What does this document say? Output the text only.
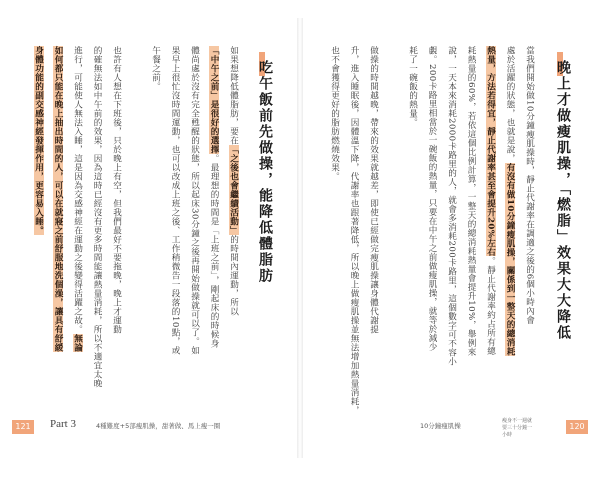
吃午飯前先做操，能降低體脂肪
如果想降低體脂肪，要在「之後也會繼續活動」的時間內運動，所以
「中午之前」是很好的選擇。最理想的時間是「上班之前」，剛起床的時候身
體尚處於沒有完全甦醒的狀態，所以起床30分鐘之後再開始做操就可以了。如
果早上很忙沒時間運動，也可以改成上班之後、工作稍微告一段落的10點，或
午餐之前。
也許有人想在下班後，只於晚上有空，但我們最好不要拖晚，晚上才運動
的確無法如中午前的效果，因為這時已經沒有更多時間能讓熱量消耗，所以不適宜太晚
進行，可能使人無法入睡，這是因為交感神經在運動之後變得活躍之故。無論
如何都只能在晚上抽出時間的人，可以在就寢之前舒服地洗個澡，讓具有舒緩
身體功能的副交感神經發揮作用，更容易入睡。
121	Part 3	4種難度+5部瘦肌操，甜著做、馬上瘦一圈
晚上才做瘦肌操，「燃脂」效果大大降低
當我們開始做10分鐘瘦肌操時，靜止代謝率在調適之後的6個小時內會
處於活躍的狀態，也就是說，有沒有做10分鐘瘦肌操，關係到一整天的總消耗
熱量，方法若得宜，靜止代謝率甚至會提升20%左右。靜止代謝率約占所有總
耗熱量的60%，若依這個比例計算，一整天的總消耗熱量會提升10%，舉例來
說，一天本來消耗2000卡路里的人，就會多消耗200卡路里，這個數字可不容小
覷。200卡路里相當於一碗飯的熱量，只要在中午之前做瘦肌操，就等於減少
耗了一碗飯的熱量。
做操的時間越晚，帶來的效果就越差，即使已經做完瘦肌操讓身體代謝提
升，進入睡眠後，因體溫下降，代謝率也跟著降低，所以晚上做瘦肌操並無法增加熱量消耗，
也不會獲得更好的脂肪燃燒效果。
10分鐘瘦肌操
瘦身不一週就要三十分鐘一小時
120
